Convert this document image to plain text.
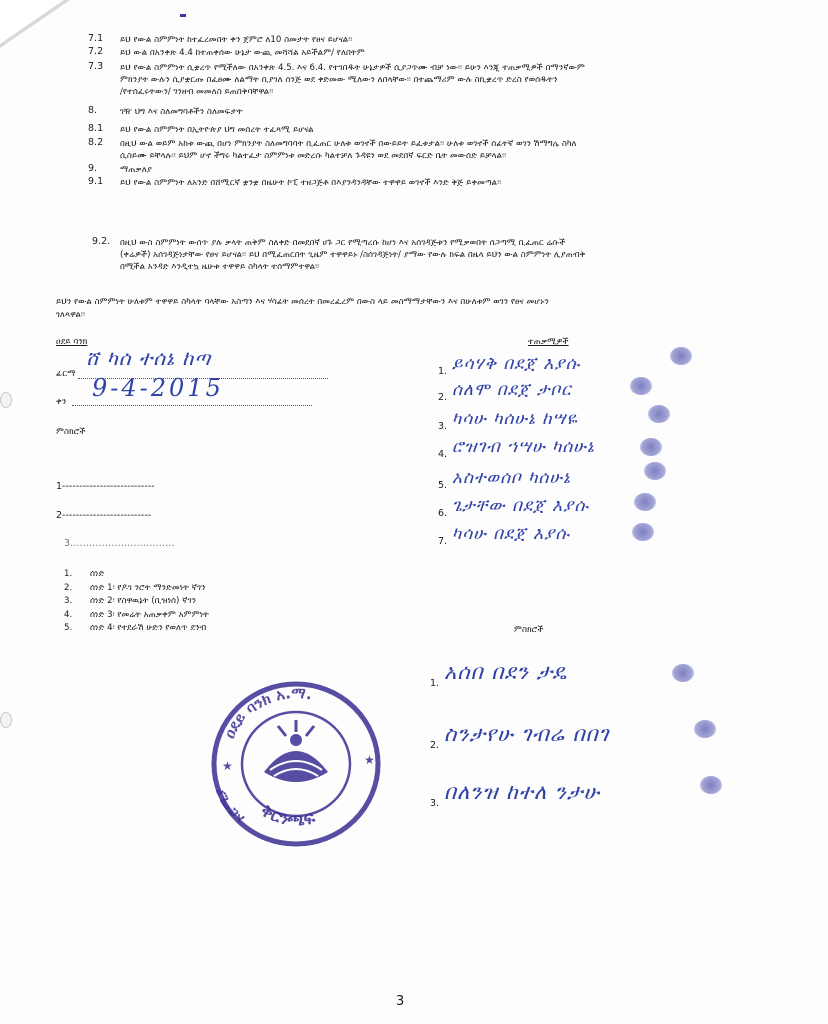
7.1 ይህ የውል ስምምነት ከተፈረመበት ቀን ጀምሮ ለ10 ስመታት የፀና ይሆናል፡፡
7.2 ይህ ውል በአንቀጽ 4.4 ከተጠቀሰው ሁኔታ ውጪ መሻሻል አይችልም/ የለበትም
7.3 ይህ የውል ስምምነት ሲቋረጥ የሚችለው በአንቀጽ 4.5. እና 6.4. የተገበዱት ሁኔታዎች ሲያጋጥሙ ብቻ ነው፡፡ ይሁን እንጂ ተጠቃሚዎች በማንኛውም
ምክንያት ውሉን ሲያቋርጡ በፈፀሙ ለልማት ቢያገለ ሰንጅ ወደ ቀድመው ሚለውን ለበላቸው፡፡ በተጨማሪም ውሉ ስኪቋረጥ ድረስ የወሰዱትን
/የተሰፈሩትውን/ ገንዘብ መመለስ ይጠበቅባቸዋል፡፡
8.	ገዥ ህግ እና ስለመግባቶችን ስለመፍታት
8.1 ይህ የውል ስምምነት በኢትዮጵያ ህግ መሰረት ተፈጻሚ ይሆናል
8.2 በዚህ ውል ወይም አከቱ ውጪ በሆነ ምክንያት ስለመግባባት ቢፈጠር ሁለቱ ወገኖች በውይይት ይፈቱታል፡፡ ሁለቱ ወገኖች ሰፊትኛ ወገን ሽማግሌ ስካለ
ሲስይሙ ይቸላሉ፡፡ ይህም ሆኖ ችግሩ ካልተፈታ ስምምነቱ መድረሱ ካልተቻለ ጉዳዩን ወደ መደበኛ ፍርድ ቤት መውሰድ ይቻላል፡፡
9.	ማጠቃለያ
9.1 ይህ የውል ስምምነት ለአንድ በሸሚርኛ ቋንቋ በዜሁት ኮፒ ተዘጋጅቶ በእያንዳንዳቸው ተዋዋይ ወገኖች እንድ ቅጅ ይቀመጣል፡፡
9.2. በዚህ ውስ ስምምነት ውሰጥ ያሉ ቃላት ጠቅም ስለቀድ በመደበኛ ሀጉ ጋር የሚጣረሱ ከሆነ እና አሰገዳጅቱን የሚቃወበት ሰጋጣሚ ቢፈጠር ሬሱች
(ቀሬዎች) አሰገዳጅነታቸው የፀና ይሆናል፡፡ ይህ በሚፈጠርበት ጊዜም ተዋዋይኑ /ስሰገዳጅነት/ ያማው የውሉ ክፍል በዜላ ይህን ውል ስምምነት ሊያጠብቅ
በሚችል አንዳድ እንዲተኳ ዜሁቱ ተዋዋይ ስካላት ተሰማምተዋል፡፡
ይህን የውል ስምምነት ሁለቱም ተዋዋይ ስካላት ባላቸው አስጣን እና ሃሳፊት መሰረት በመረፈረም በውስ ላይ መስማማታቸውን እና በሁለቱም ወገን የፀና መሆኑን
ገለጻዋል፡፡
ዐደይ ባንክ
ፊርማ
ሸ ካሰ ተሰኔ ከጣ
ቀን 9-4-2015
ምስክሮች
1---------------------------
2--------------------------
3……………………………
ተጠቃሚዎች
1. ይሳሃቅ በደጀ እያሱ
2. ሰለሞ በደጀ ታቦር
3. ካሳሁ ካሰሁኔ ከሣዬ
4. ሮዝገብ ኀሣሁ ካሰሁኔ
5. አስተወሰቦ ካሰሁኔ
6. ጌታቸው በደጀ እያሱ
7. ካሳሁ በደጀ እያሱ
1. ሰነድ
2. ሰነድ 1፡ የዶገ ንሮት ማንድመነት ኛገን
3. ሰነድ 2፡ የስዋዉኔት (ቢዝነሰ) ኛገን
4. ሰነድ 3፡ የመሬት አጠቃቀም አምምነት
5. ሰነድ 4፡ የተደራሽ ሁድን የወለጥ ደንብ	ምስክሮች
1. አሰበ በደን ታዴ
2. ስንታየሁ ገብሬ በበገ
3. በለንዝ ከተለ ንታሁ
ዐደይ ባንክ አ.ማ.
ኦሮሚያ
ቅርንጫፍ
★
★
3
